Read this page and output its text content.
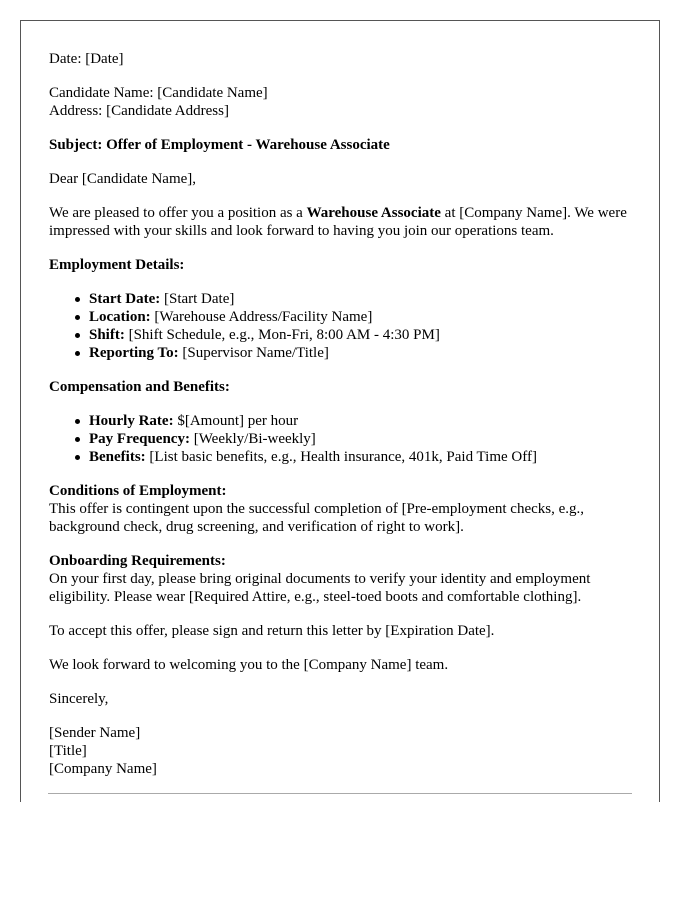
Date: [Date]

Candidate Name: [Candidate Name]

Address: [Candidate Address]

Subject: Offer of Employment - Warehouse Associate

Dear [Candidate Name],

We are pleased to offer you a position as a Warehouse Associate at [Company Name]. We were impressed with your skills and look forward to having you join our operations team.

Employment Details:

Start Date: [Start Date]
Location: [Warehouse Address/Facility Name]
Shift: [Shift Schedule, e.g., Mon-Fri, 8:00 AM - 4:30 PM]
Reporting To: [Supervisor Name/Title]

Compensation and Benefits:

Hourly Rate: $[Amount] per hour
Pay Frequency: [Weekly/Bi-weekly]
Benefits: [List basic benefits, e.g., Health insurance, 401k, Paid Time Off]

Conditions of Employment:

This offer is contingent upon the successful completion of [Pre-employment checks, e.g., background check, drug screening, and verification of right to work].

Onboarding Requirements:

On your first day, please bring original documents to verify your identity and employment eligibility. Please wear [Required Attire, e.g., steel-toed boots and comfortable clothing].

To accept this offer, please sign and return this letter by [Expiration Date].

We look forward to welcoming you to the [Company Name] team.

Sincerely,

[Sender Name]

[Title]

[Company Name]
